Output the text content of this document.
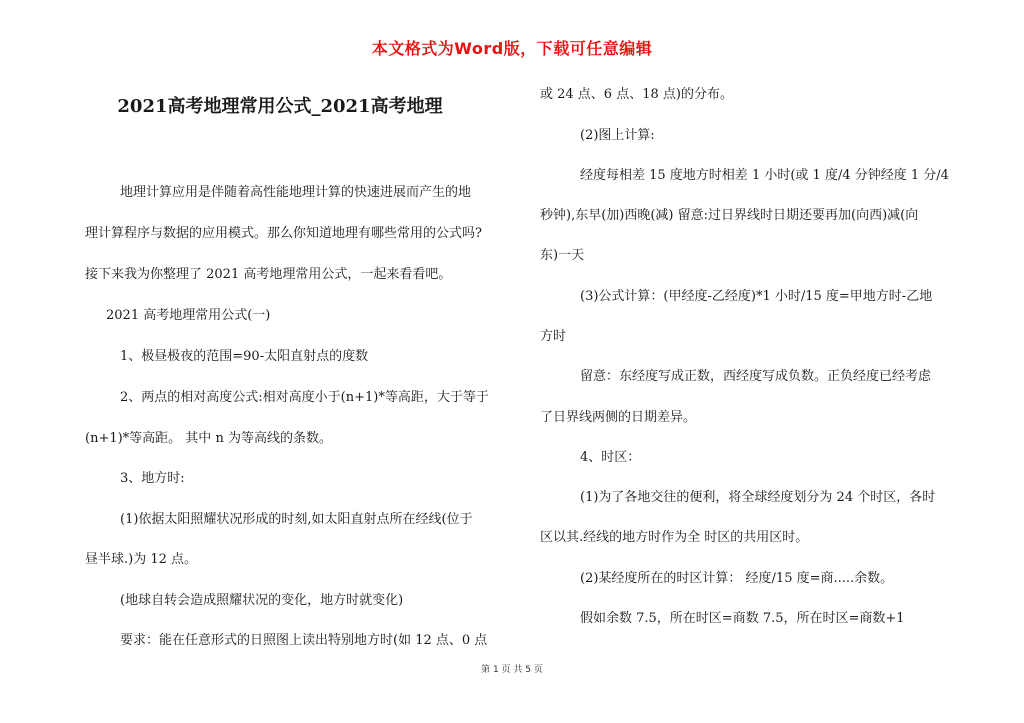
本文格式为Word版，下载可任意编辑
2021高考地理常用公式_2021高考地理
地理计算应用是伴随着高性能地理计算的快速进展而产生的地
理计算程序与数据的应用模式。那么你知道地理有哪些常用的公式吗?
接下来我为你整理了 2021 高考地理常用公式，一起来看看吧。
2021 高考地理常用公式(一)
1、极昼极夜的范围=90-太阳直射点的度数
2、两点的相对高度公式:相对高度小于(n+1)*等高距，大于等于
(n+1)*等高距。 其中 n 为等高线的条数。
3、地方时:
(1)依据太阳照耀状况形成的时刻,如太阳直射点所在经线(位于
昼半球.)为 12 点。
(地球自转会造成照耀状况的变化，地方时就变化)
要求：能在任意形式的日照图上读出特别地方时(如 12 点、0 点
或 24 点、6 点、18 点)的分布。
(2)图上计算:
经度每相差 15 度地方时相差 1 小时(或 1 度/4 分钟经度 1 分/4
秒钟),东早(加)西晚(减) 留意:过日界线时日期还要再加(向西)减(向
东)一天
(3)公式计算：(甲经度-乙经度)*1 小时/15 度=甲地方时-乙地
方时
留意：东经度写成正数，西经度写成负数。正负经度已经考虑
了日界线两侧的日期差异。
4、时区：
(1)为了各地交往的便利，将全球经度划分为 24 个时区，各时
区以其.经线的地方时作为全 时区的共用区时。
(2)某经度所在的时区计算： 经度/15 度=商.....余数。
假如余数 7.5，所在时区=商数 7.5，所在时区=商数+1
第 1 页 共 5 页
